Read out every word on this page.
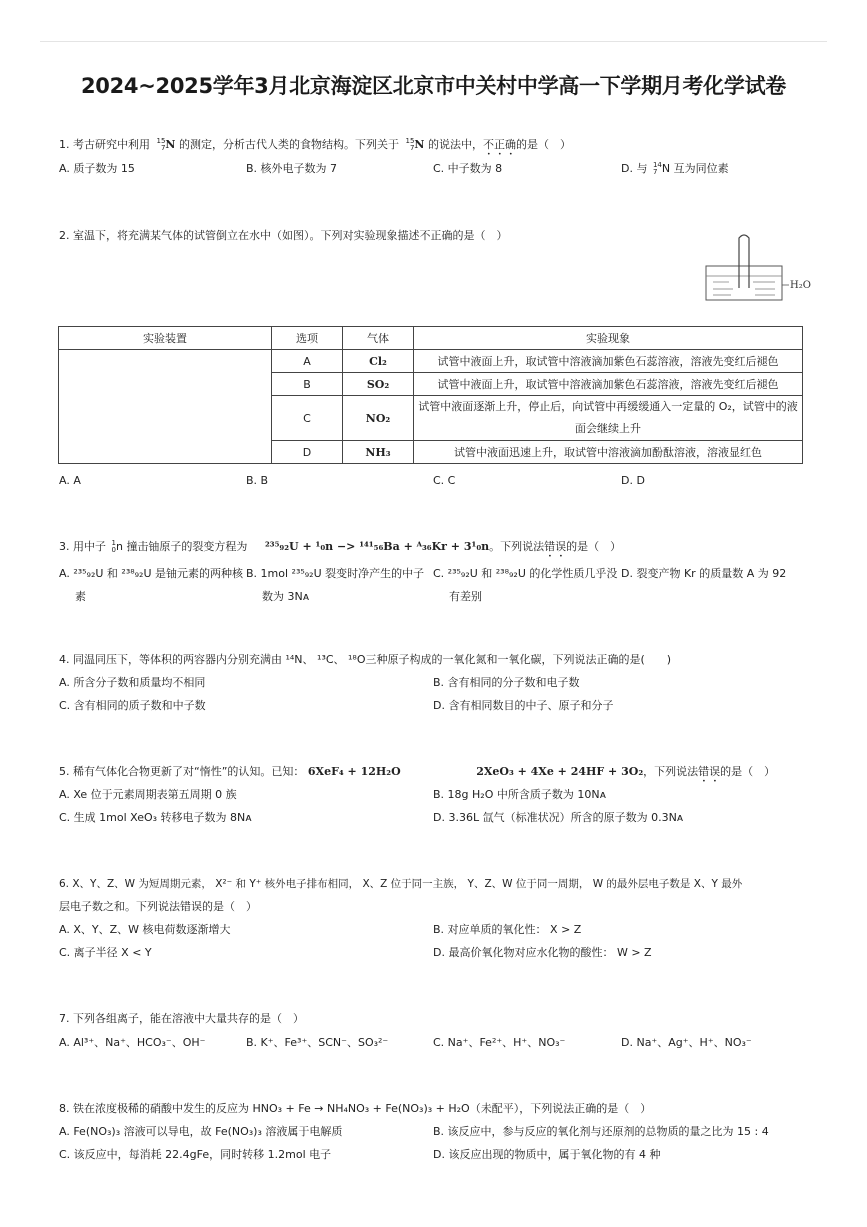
2024~2025学年3月北京海淀区北京市中关村中学高一下学期月考化学试卷
1. 考古研究中利用 15
7N 的测定，分析古代人类的食物结构。下列关于 15
7N 的说法中，不正确的是（　）
A. 质子数为 15	B. 核外电子数为 7	C. 中子数为 8	D. 与 14
7 N 互为同位素
2. 室温下，将充满某气体的试管倒立在水中（如图）。下列对实验现象描述不正确的是（　）
H₂O
实验装置	选项	气体	实验现象
	A	Cl₂	试管中液面上升，取试管中溶液滴加紫色石蕊溶液，溶液先变红后褪色
	B	SO₂	试管中液面上升，取试管中溶液滴加紫色石蕊溶液，溶液先变红后褪色
	C	NO₂	试管中液面逐渐上升，停止后，向试管中再缓缓通入一定量的 O₂，试管中的液面会继续上升
	D	NH₃	试管中液面迅速上升，取试管中溶液滴加酚酞溶液，溶液显红色
A. A	B. B	C. C	D. D
3. 用中子 1
0n 撞击铀原子的裂变方程为 ²³⁵₉₂U + ¹₀n −> ¹⁴¹₅₆Ba + ᴬ₃₆Kr + 3¹₀n。下列说法错误的是（　）
A. ²³⁵₉₂U 和 ²³⁸₉₂U 是铀元素的两种核
素
B. 1mol ²³⁵₉₂U 裂变时净产生的中子
数为 3Nᴀ
C. ²³⁵₉₂U 和 ²³⁸₉₂U 的化学性质几乎没
有差别
D. 裂变产物 Kr 的质量数 A 为 92
4. 同温同压下，等体积的两容器内分别充满由 ¹⁴N、 ¹³C、 ¹⁸O三种原子构成的一氧化氮和一氧化碳，下列说法正确的是(　　)
A. 所含分子数和质量均不相同	B. 含有相同的分子数和电子数
C. 含有相同的质子数和中子数	D. 含有相同数目的中子、原子和分子
5. 稀有气体化合物更新了对“惰性”的认知。已知： 6XeF₄ + 12H₂O	2XeO₃ + 4Xe + 24HF + 3O₂，下列说法错误的是（　）
A. Xe 位于元素周期表第五周期 0 族	B. 18g H₂O 中所含质子数为 10Nᴀ
C. 生成 1mol XeO₃ 转移电子数为 8Nᴀ	D. 3.36L 氙气（标准状况）所含的原子数为 0.3Nᴀ
6. X、Y、Z、W 为短周期元素， X²⁻ 和 Y⁺ 核外电子排布相同， X、Z 位于同一主族， Y、Z、W 位于同一周期， W 的最外层电子数是 X、Y 最外
层电子数之和。下列说法错误的是（　）
A. X、Y、Z、W 核电荷数逐渐增大	B. 对应单质的氧化性： X > Z
C. 离子半径 X < Y	D. 最高价氧化物对应水化物的酸性： W > Z
7. 下列各组离子，能在溶液中大量共存的是（　）
A. Al³⁺、Na⁺、HCO₃⁻、OH⁻	B. K⁺、Fe³⁺、SCN⁻、SO₃²⁻	C. Na⁺、Fe²⁺、H⁺、NO₃⁻	D. Na⁺、Ag⁺、H⁺、NO₃⁻
8. 铁在浓度极稀的硝酸中发生的反应为 HNO₃ + Fe → NH₄NO₃ + Fe(NO₃)₃ + H₂O（未配平），下列说法正确的是（　）
A. Fe(NO₃)₃ 溶液可以导电，故 Fe(NO₃)₃ 溶液属于电解质	B. 该反应中，参与反应的氧化剂与还原剂的总物质的量之比为 15 : 4
C. 该反应中，每消耗 22.4gFe，同时转移 1.2mol 电子	D. 该反应出现的物质中，属于氧化物的有 4 种
